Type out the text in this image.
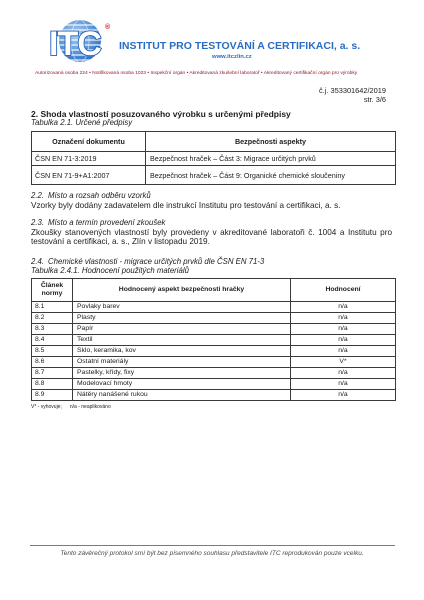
ITC ®
INSTITUT PRO TESTOVÁNÍ A CERTIFIKACI, a. s.
www.itczlin.cz
Autorizovaná osoba 224 • Notifikovaná osoba 1023 • Inspekční orgán • Akreditovaná zkušební laboratoř • Akreditovaný certifikační orgán pro výrobky
č.j. 353301642/2019
str. 3/6
2. Shoda vlastností posuzovaného výrobku s určenými předpisy
Tabulka 2.1. Určené předpisy
Označení dokumentu	Bezpečnosti aspekty
ČSN EN 71-3:2019	Bezpečnost hraček – Část 3: Migrace určitých prvků
ČSN EN 71-9+A1:2007	Bezpečnost hraček – Část 9: Organické chemické sloučeniny
2.2. Místo a rozsah odběru vzorků
Vzorky byly dodány zadavatelem dle instrukcí Institutu pro testování a certifikaci, a. s.
2.3. Místo a termín provedení zkoušek
Zkoušky stanovených vlastností byly provedeny v akreditované laboratoři č. 1004 a Institutu pro testování a certifikaci, a. s., Zlín v listopadu 2019.
2.4. Chemické vlastnosti - migrace určitých prvků dle ČSN EN 71-3
Tabulka 2.4.1. Hodnocení použitých materiálů
Článek normy	Hodnocený aspekt bezpečnosti hračky	Hodnocení
8.1	Povlaky barev	n/a
8.2	Plasty	n/a
8.3	Papír	n/a
8.4	Textil	n/a
8.5	Sklo, keramika, kov	n/a
8.6	Ostatní materiály	V*
8.7	Pastelky, křídy, fixy	n/a
8.8	Modelovací hmoty	n/a
8.9	Nátěry nanášené rukou	n/a
V* - vyhovuje; n/a - neaplikováno
Tento závěrečný protokol smí být bez písemného souhlasu představitele ITC reprodukován pouze vcelku.
